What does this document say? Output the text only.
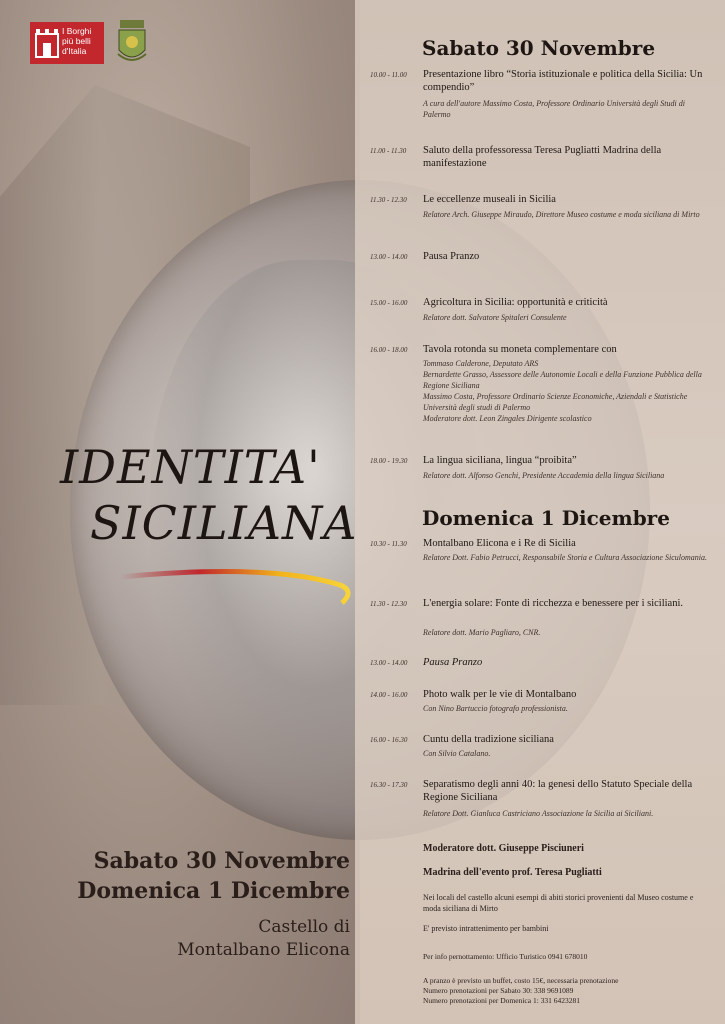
I Borghi
più belli
d'Italia
IDENTITA'
SICILIANA
Sabato 30 Novembre
Domenica 1 Dicembre
Castello di
Montalbano Elicona
Sabato 30 Novembre
10.00 - 11.00	Presentazione libro “Storia istituzionale e politica della Sicilia: Un compendio”
A cura dell'autore Massimo Costa, Professore Ordinario Università degli Studi di Palermo
11.00 - 11.30	Saluto della professoressa Teresa Pugliatti Madrina della manifestazione
11.30 - 12.30	Le eccellenze museali in Sicilia
Relatore Arch. Giuseppe Miraudo, Direttore Museo costume e moda siciliana di Mirto
13.00 - 14.00	Pausa Pranzo
15.00 - 16.00	Agricoltura in Sicilia: opportunità e criticità
Relatore dott. Salvatore Spitaleri Consulente
16.00 - 18.00	Tavola rotonda su moneta complementare con
Tommaso Calderone, Deputato ARS
Bernardette Grasso, Assessore delle Autonomie Locali e della Funzione Pubblica della Regione Siciliana
Massimo Costa, Professore Ordinario Scienze Economiche, Aziendali e Statistiche Università degli studi di Palermo
Moderatore dott. Leon Zingales Dirigente scolastico
18.00 - 19.30	La lingua siciliana, lingua “proibita”
Relatore dott. Alfonso Genchi, Presidente Accademia della lingua Siciliana
Domenica 1 Dicembre
10.30 - 11.30	Montalbano Elicona e i Re di Sicilia
Relatore Dott. Fabio Petrucci, Responsabile Storia e Cultura Associazione Siculomania.
11.30 - 12.30	L'energia solare: Fonte di ricchezza e benessere per i siciliani.
Relatore dott. Mario Pagliaro, CNR.
13.00 - 14.00	Pausa Pranzo
14.00 - 16.00	Photo walk per le vie di Montalbano
Con Nino Bartuccio fotografo professionista.
16.00 - 16.30	Cuntu della tradizione siciliana
Con Silvio Catalano.
16.30 - 17.30	Separatismo degli anni 40: la genesi dello Statuto Speciale della Regione Siciliana
Relatore Dott. Gianluca Castriciano Associazione la Sicilia ai Siciliani.
Moderatore dott. Giuseppe Pisciuneri
Madrina dell'evento prof. Teresa Pugliatti
Nei locali del castello alcuni esempi di abiti storici provenienti dal Museo costume e moda siciliana di Mirto
E' previsto intrattenimento per bambini
Per info pernottamento: Ufficio Turistico 0941 678010
A pranzo è previsto un buffet, costo 15€, necessaria prenotazione
Numero prenotazioni per Sabato 30: 338 9691089
Numero prenotazioni per Domenica 1: 331 6423281
